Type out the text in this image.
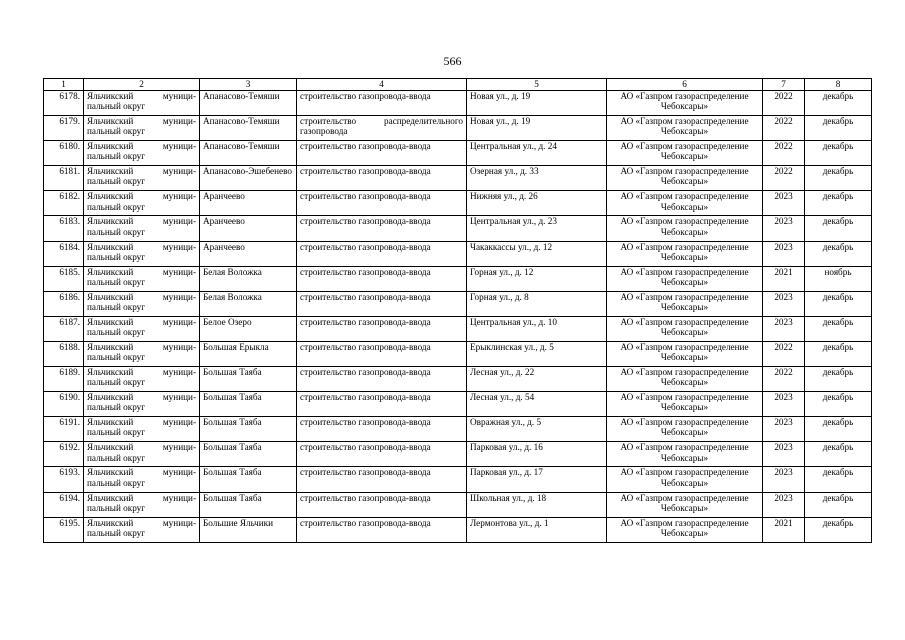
566
1	2	3	4	5	6	7	8
6178.	Яльчикский муници-пальный округ	Апанасово-Темяши	строительство газопровода-ввода	Новая ул., д. 19	АО «Газпром газораспределение Чебоксары»	2022	декабрь
6179.	Яльчикский муници-пальный округ	Апанасово-Темяши	строительство распределительного газопровода	Новая ул., д. 19	АО «Газпром газораспределение Чебоксары»	2022	декабрь
6180.	Яльчикский муници-пальный округ	Апанасово-Темяши	строительство газопровода-ввода	Центральная ул., д. 24	АО «Газпром газораспределение Чебоксары»	2022	декабрь
6181.	Яльчикский муници-пальный округ	Апанасово-Эшебенево	строительство газопровода-ввода	Озерная ул., д. 33	АО «Газпром газораспределение Чебоксары»	2022	декабрь
6182.	Яльчикский муници-пальный округ	Аранчеево	строительство газопровода-ввода	Нижняя ул., д. 26	АО «Газпром газораспределение Чебоксары»	2023	декабрь
6183.	Яльчикский муници-пальный округ	Аранчеево	строительство газопровода-ввода	Центральная ул., д. 23	АО «Газпром газораспределение Чебоксары»	2023	декабрь
6184.	Яльчикский муници-пальный округ	Аранчеево	строительство газопровода-ввода	Чакаккассы ул., д. 12	АО «Газпром газораспределение Чебоксары»	2023	декабрь
6185.	Яльчикский муници-пальный округ	Белая Воложка	строительство газопровода-ввода	Горная ул., д. 12	АО «Газпром газораспределение Чебоксары»	2021	ноябрь
6186.	Яльчикский муници-пальный округ	Белая Воложка	строительство газопровода-ввода	Горная ул., д. 8	АО «Газпром газораспределение Чебоксары»	2023	декабрь
6187.	Яльчикский муници-пальный округ	Белое Озеро	строительство газопровода-ввода	Центральная ул., д. 10	АО «Газпром газораспределение Чебоксары»	2023	декабрь
6188.	Яльчикский муници-пальный округ	Большая Ерыкла	строительство газопровода-ввода	Ерыклинская ул., д. 5	АО «Газпром газораспределение Чебоксары»	2022	декабрь
6189.	Яльчикский муници-пальный округ	Большая Таяба	строительство газопровода-ввода	Лесная ул., д. 22	АО «Газпром газораспределение Чебоксары»	2022	декабрь
6190.	Яльчикский муници-пальный округ	Большая Таяба	строительство газопровода-ввода	Лесная ул., д. 54	АО «Газпром газораспределение Чебоксары»	2023	декабрь
6191.	Яльчикский муници-пальный округ	Большая Таяба	строительство газопровода-ввода	Овражная ул., д. 5	АО «Газпром газораспределение Чебоксары»	2023	декабрь
6192.	Яльчикский муници-пальный округ	Большая Таяба	строительство газопровода-ввода	Парковая ул., д. 16	АО «Газпром газораспределение Чебоксары»	2023	декабрь
6193.	Яльчикский муници-пальный округ	Большая Таяба	строительство газопровода-ввода	Парковая ул., д. 17	АО «Газпром газораспределение Чебоксары»	2023	декабрь
6194.	Яльчикский муници-пальный округ	Большая Таяба	строительство газопровода-ввода	Школьная ул., д. 18	АО «Газпром газораспределение Чебоксары»	2023	декабрь
6195.	Яльчикский муници-пальный округ	Большие Яльчики	строительство газопровода-ввода	Лермонтова ул., д. 1	АО «Газпром газораспределение Чебоксары»	2021	декабрь
